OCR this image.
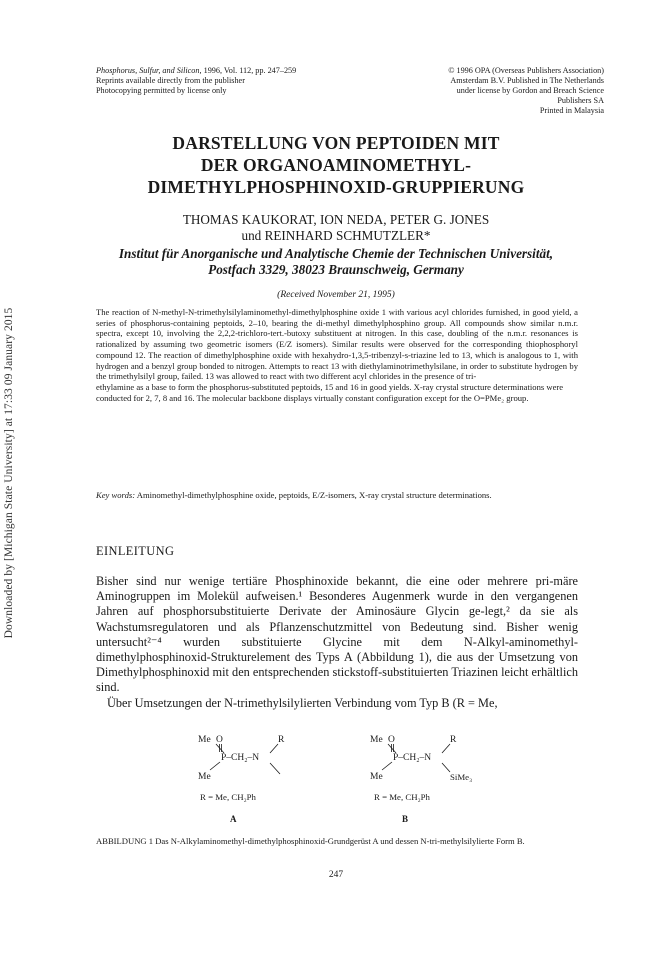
Downloaded by [Michigan State University] at 17:33 09 January 2015
Phosphorus, Sulfur, and Silicon, 1996, Vol. 112, pp. 247–259
Reprints available directly from the publisher
Photocopying permitted by license only
© 1996 OPA (Overseas Publishers Association)
Amsterdam B.V. Published in The Netherlands
under license by Gordon and Breach Science
Publishers SA
Printed in Malaysia
DARSTELLUNG VON PEPTOIDEN MIT
DER ORGANOAMINOMETHYL-
DIMETHYLPHOSPHINOXID-GRUPPIERUNG
THOMAS KAUKORAT, ION NEDA, PETER G. JONES
und REINHARD SCHMUTZLER*
Institut für Anorganische und Analytische Chemie der Technischen Universität,
Postfach 3329, 38023 Braunschweig, Germany
(Received November 21, 1995)

The reaction of N-methyl-N-trimethylsilylaminomethyl-dimethylphosphine oxide 1 with various acyl chlorides furnished, in good yield, a series of phosphorus-containing peptoids, 2–10, bearing the di-methyl dimethylphosphino group. All compounds show similar n.m.r. spectra, except 10, involving the 2,2,2-trichloro-tert.-butoxy substituent at nitrogen. In this case, doubling of the n.m.r. resonances is rationalized by assuming two geometric isomers (E/Z isomers). Similar results were observed for the corresponding thiophosphoryl compound 12. The reaction of dimethylphosphine oxide with hexahydro-1,3,5-tribenzyl-s-triazine led to 13, which is analogous to 1, with hydrogen and a benzyl group bonded to nitrogen. Attempts to react 13 with diethylaminotrimethylsilane, in order to substitute hydrogen by the trimethylsilyl group, failed. 13 was allowed to react with two different acyl chlorides in the presence of tri-

ethylamine as a base to form the phosphorus-substituted peptoids, 15 and 16 in good yields. X-ray crystal structure determinations were conducted for 2, 7, 8 and 16. The molecular backbone displays virtually constant configuration except for the O=PMe₂ group.

Key words: Aminomethyl-dimethylphosphine oxide, peptoids, E/Z-isomers, X-ray crystal structure determinations.
EINLEITUNG

Bisher sind nur wenige tertiäre Phosphinoxide bekannt, die eine oder mehrere pri-märe Aminogruppen im Molekül aufweisen.¹ Besonderes Augenmerk wurde in den vergangenen Jahren auf phosphorsubstituierte Derivate der Aminosäure Glycin ge-legt,² da sie als Wachstumsregulatoren und als Pflanzenschutzmittel von Bedeutung sind. Bisher wenig untersucht²⁻⁴ wurden substituierte Glycine mit dem N-Alkyl-aminomethyl-dimethylphosphinoxid-Strukturelement des Typs A (Abbildung 1), die aus der Umsetzung von Dimethylphosphinoxid mit den entsprechenden stickstoff-substituierten Triazinen leicht erhältlich sind.

Über Umsetzungen der N-trimethylsilylierten Verbindung vom Typ B (R = Me,

Me O
P–CH₂–N
R
Me
R = Me, CH₂Ph
A
Me O
P–CH₂–N
R
Me	SiMe₃
R = Me, CH₂Ph
B
ABBILDUNG 1 Das N-Alkylaminomethyl-dimethylphosphinoxid-Grundgerüst A und dessen N-tri-methylsilylierte Form B.
247
